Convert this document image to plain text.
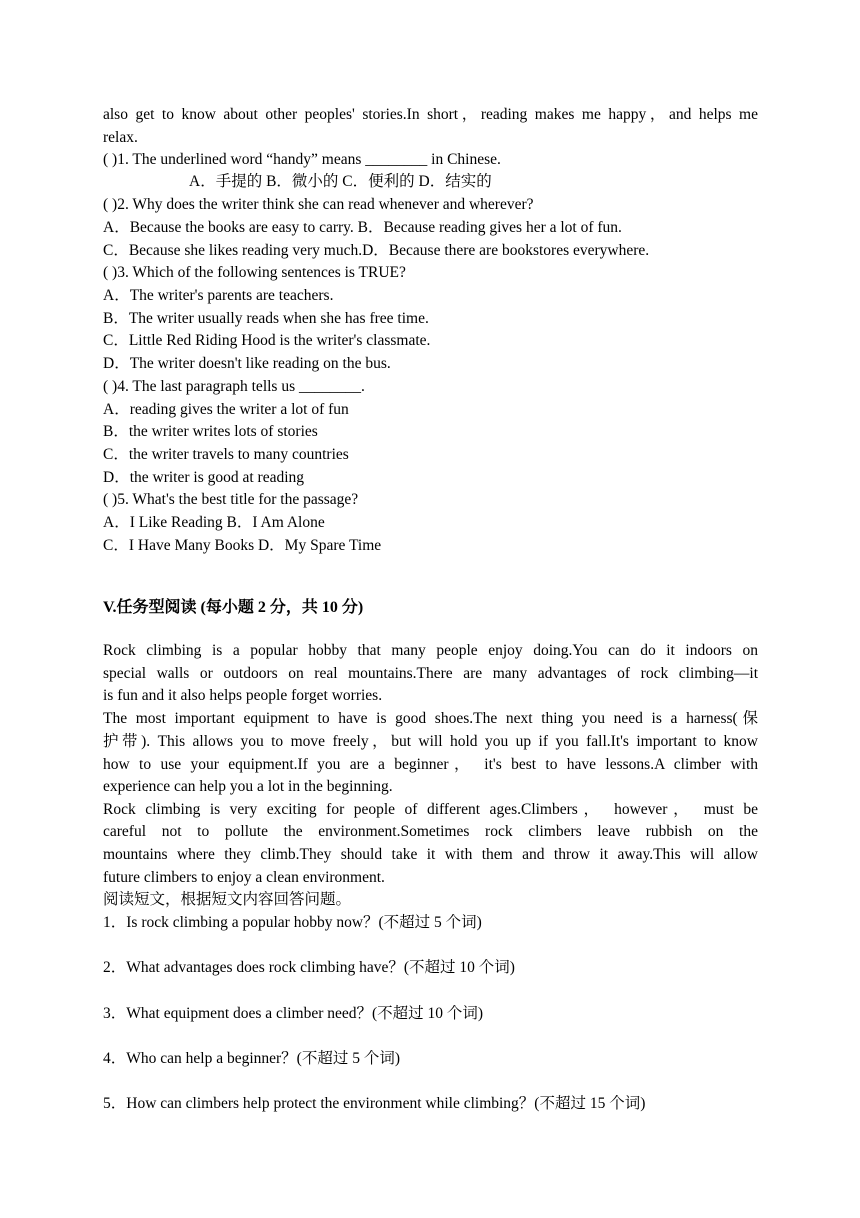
also get to know about other peoples' stories.In short，reading makes me happy，and helps me
relax.
( )1. The underlined word “handy” means ________ in Chinese.
A．手提的 B．微小的 C．便利的 D．结实的
( )2. Why does the writer think she can read whenever and wherever?
A．Because the books are easy to carry. B．Because reading gives her a lot of fun.
C．Because she likes reading very much.D．Because there are bookstores everywhere.
( )3. Which of the following sentences is TRUE?
A．The writer's parents are teachers.
B．The writer usually reads when she has free time.
C．Little Red Riding Hood is the writer's classmate.
D．The writer doesn't like reading on the bus.
( )4. The last paragraph tells us ________.
A．reading gives the writer a lot of fun
B．the writer writes lots of stories
C．the writer travels to many countries
D．the writer is good at reading
( )5. What's the best title for the passage?
A．I Like Reading B．I Am Alone
C．I Have Many Books D．My Spare Time
V.任务型阅读 (每小题 2 分，共 10 分)
Rock climbing is a popular hobby that many people enjoy doing.You can do it indoors on
special walls or outdoors on real mountains.There are many advantages of rock climbing—it
is fun and it also helps people forget worries.
The most important equipment to have is good shoes.The next thing you need is a harness(保
护带). This allows you to move freely，but will hold you up if you fall.It's important to know
how to use your equipment.If you are a beginner， it's best to have lessons.A climber with
experience can help you a lot in the beginning.
Rock climbing is very exciting for people of different ages.Climbers， however， must be
careful not to pollute the environment.Sometimes rock climbers leave rubbish on the
mountains where they climb.They should take it with them and throw it away.This will allow
future climbers to enjoy a clean environment.
阅读短文，根据短文内容回答问题。
1．Is rock climbing a popular hobby now？(不超过 5 个词)
2．What advantages does rock climbing have？(不超过 10 个词)
3．What equipment does a climber need？(不超过 10 个词)
4．Who can help a beginner？(不超过 5 个词)
5．How can climbers help protect the environment while climbing？(不超过 15 个词)
